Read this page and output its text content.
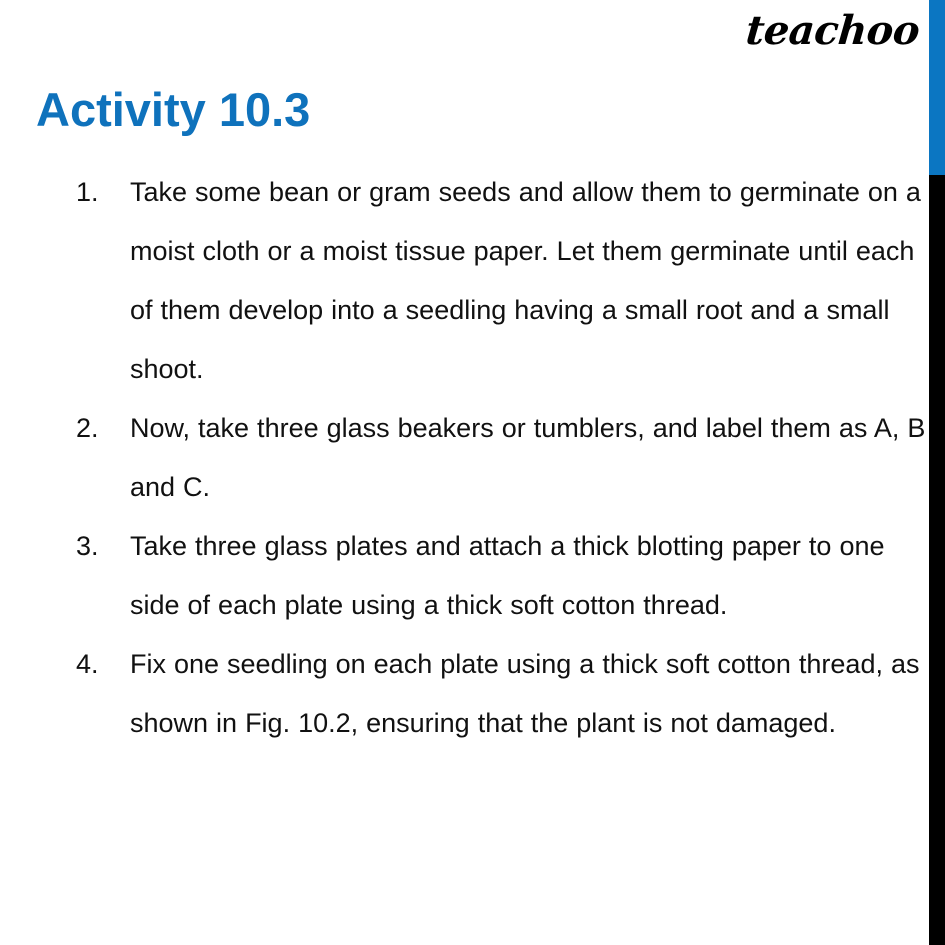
teachoo
Activity 10.3
1.	Take some bean or gram seeds and allow them to germinate on a moist cloth or a moist tissue paper. Let them germinate until each of them develop into a seedling having a small root and a small shoot.
2.	Now, take three glass beakers or tumblers, and label them as A, B and C.
3.	Take three glass plates and attach a thick blotting paper to one side of each plate using a thick soft cotton thread.
4.	Fix one seedling on each plate using a thick soft cotton thread, as shown in Fig. 10.2, ensuring that the plant is not damaged.
